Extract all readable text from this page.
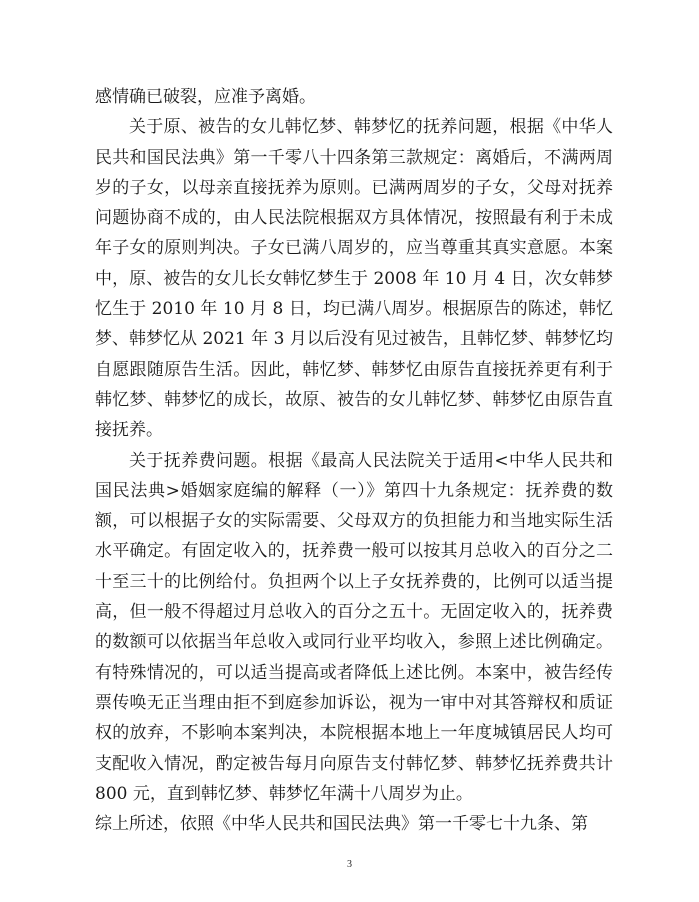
感情确已破裂，应准予离婚。

关于原、被告的女儿韩忆梦、韩梦忆的抚养问题，根据《中华人民共和国民法典》第一千零八十四条第三款规定：离婚后，不满两周岁的子女，以母亲直接抚养为原则。已满两周岁的子女，父母对抚养问题协商不成的，由人民法院根据双方具体情况，按照最有利于未成年子女的原则判决。子女已满八周岁的，应当尊重其真实意愿。本案中，原、被告的女儿长女韩忆梦生于 2008 年 10 月 4 日，次女韩梦忆生于 2010 年 10 月 8 日，均已满八周岁。根据原告的陈述，韩忆梦、韩梦忆从 2021 年 3 月以后没有见过被告，且韩忆梦、韩梦忆均自愿跟随原告生活。因此，韩忆梦、韩梦忆由原告直接抚养更有利于韩忆梦、韩梦忆的成长，故原、被告的女儿韩忆梦、韩梦忆由原告直接抚养。

关于抚养费问题。根据《最高人民法院关于适用<中华人民共和国民法典>婚姻家庭编的解释（一）》第四十九条规定：抚养费的数额，可以根据子女的实际需要、父母双方的负担能力和当地实际生活水平确定。有固定收入的，抚养费一般可以按其月总收入的百分之二十至三十的比例给付。负担两个以上子女抚养费的，比例可以适当提高，但一般不得超过月总收入的百分之五十。无固定收入的，抚养费的数额可以依据当年总收入或同行业平均收入，参照上述比例确定。有特殊情况的，可以适当提高或者降低上述比例。本案中，被告经传票传唤无正当理由拒不到庭参加诉讼，视为一审中对其答辩权和质证权的放弃，不影响本案判决，本院根据本地上一年度城镇居民人均可支配收入情况，酌定被告每月向原告支付韩忆梦、韩梦忆抚养费共计 800 元，直到韩忆梦、韩梦忆年满十八周岁为止。

综上所述，依照《中华人民共和国民法典》第一千零七十九条、第

3
